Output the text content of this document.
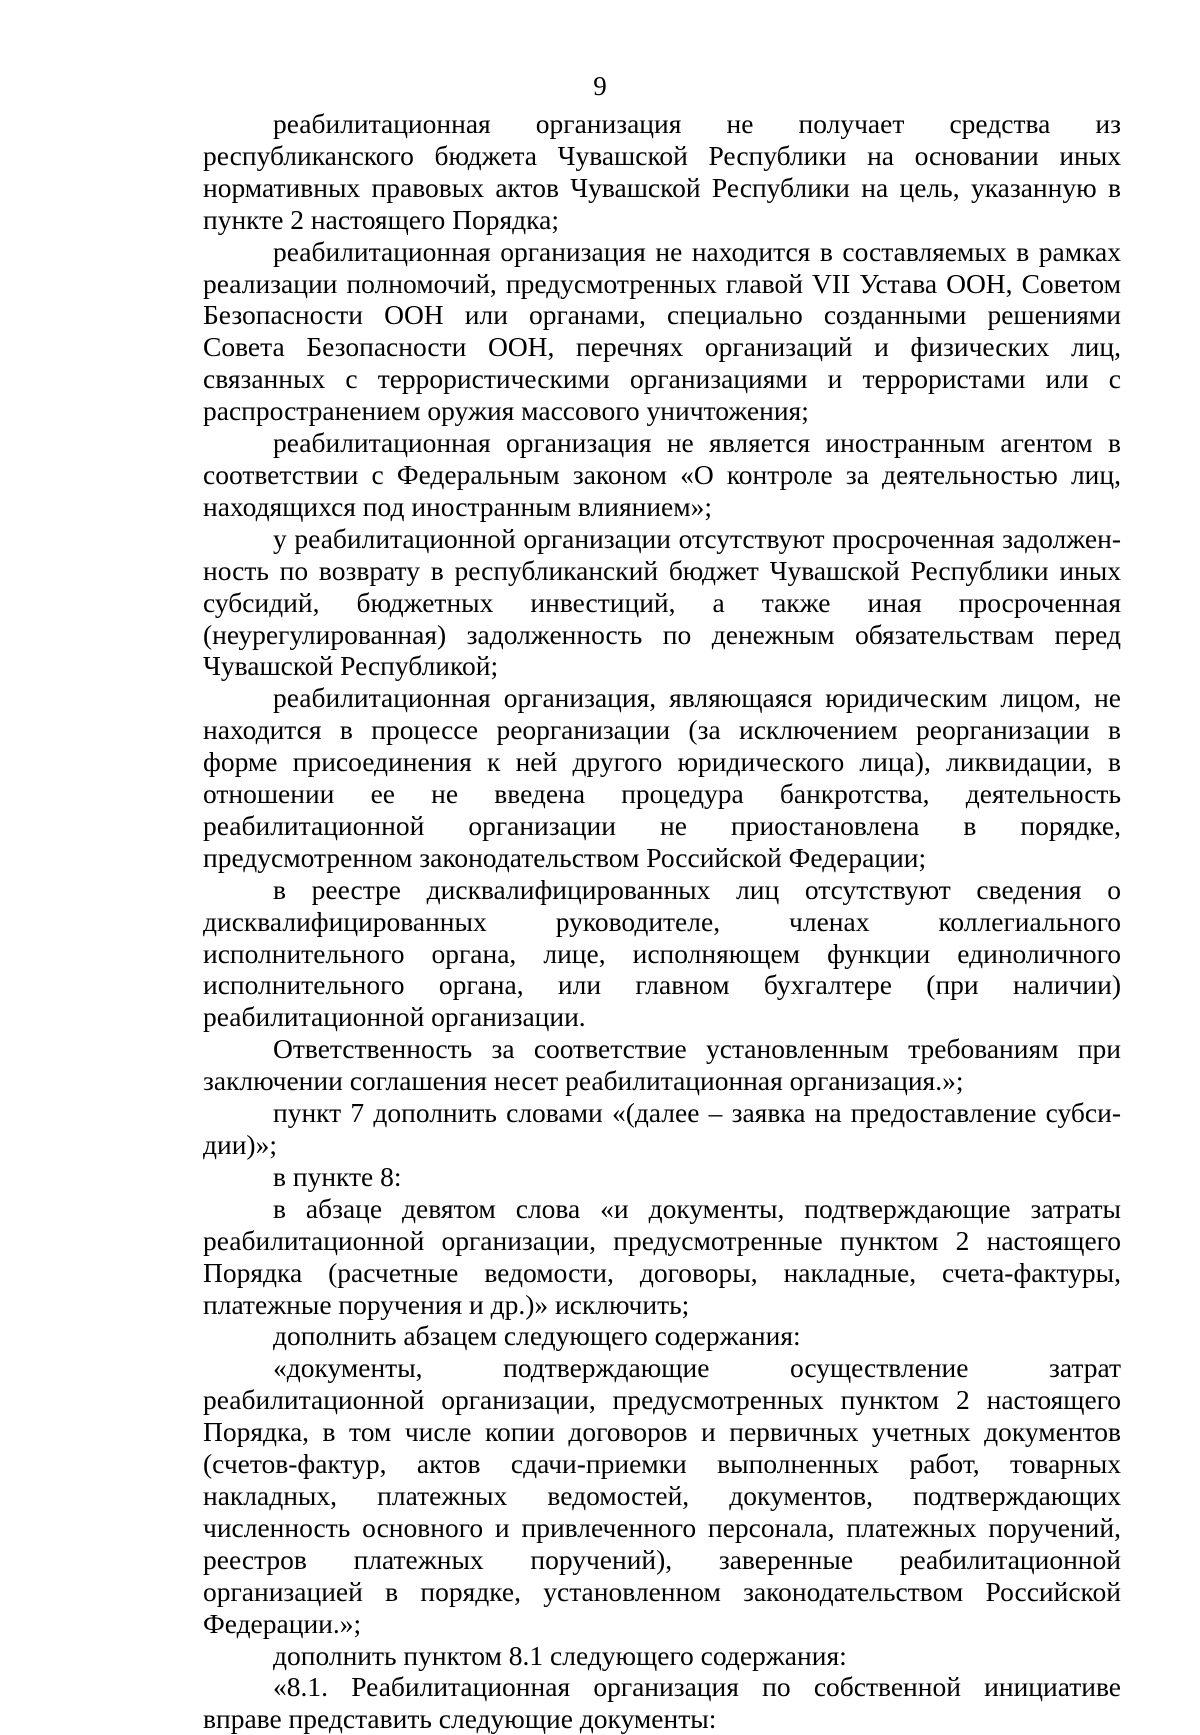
9

реабилитационная организация не получает средства из республиканского бюджета Чувашской Республики на основании иных нормативных правовых актов Чувашской Республики на цель, указанную в пункте 2 настоящего Порядка;

реабилитационная организация не находится в составляемых в рамках реализации полномочий, предусмотренных главой VII Устава ООН, Советом Безопасности ООН или органами, специально созданными решениями Совета Безопасности ООН, перечнях организаций и физических лиц, связанных с террористическими организациями и террористами или с распространением оружия массового уничтожения;

реабилитационная организация не является иностранным агентом в соответствии с Федеральным законом «О контроле за деятельностью лиц, находящихся под иностранным влиянием»;

у реабилитационной организации отсутствуют просроченная задолженность по возврату в республиканский бюджет Чувашской Республики иных субсидий, бюджетных инвестиций, а также иная просроченная (неурегулированная) задолженность по денежным обязательствам перед Чувашской Республикой;

реабилитационная организация, являющаяся юридическим лицом, не находится в процессе реорганизации (за исключением реорганизации в форме присоединения к ней другого юридического лица), ликвидации, в отношении ее не введена процедура банкротства, деятельность реабилитационной организации не приостановлена в порядке, предусмотренном законодательством Российской Федерации;

в реестре дисквалифицированных лиц отсутствуют сведения о дисквалифицированных руководителе, членах коллегиального исполнительного органа, лице, исполняющем функции единоличного исполнительного органа, или главном бухгалтере (при наличии) реабилитационной организации.

Ответственность за соответствие установленным требованиям при заключении соглашения несет реабилитационная организация.»;

пункт 7 дополнить словами «(далее – заявка на предоставление субсидии)»;

в пункте 8:

в абзаце девятом слова «и документы, подтверждающие затраты реабилитационной организации, предусмотренные пунктом 2 настоящего Порядка (расчетные ведомости, договоры, накладные, счета-фактуры, платежные поручения и др.)» исключить;

дополнить абзацем следующего содержания:

«документы, подтверждающие осуществление затрат реабилитационной организации, предусмотренных пунктом 2 настоящего Порядка, в том числе копии договоров и первичных учетных документов (счетов-фактур, актов сдачи-приемки выполненных работ, товарных накладных, платежных ведомостей, документов, подтверждающих численность основного и привлеченного персонала, платежных поручений, реестров платежных поручений), заверенные реабилитационной организацией в порядке, установленном законодательством Российской Федерации.»;

дополнить пунктом 8.1 следующего содержания:

«8.1. Реабилитационная организация по собственной инициативе вправе представить следующие документы:
